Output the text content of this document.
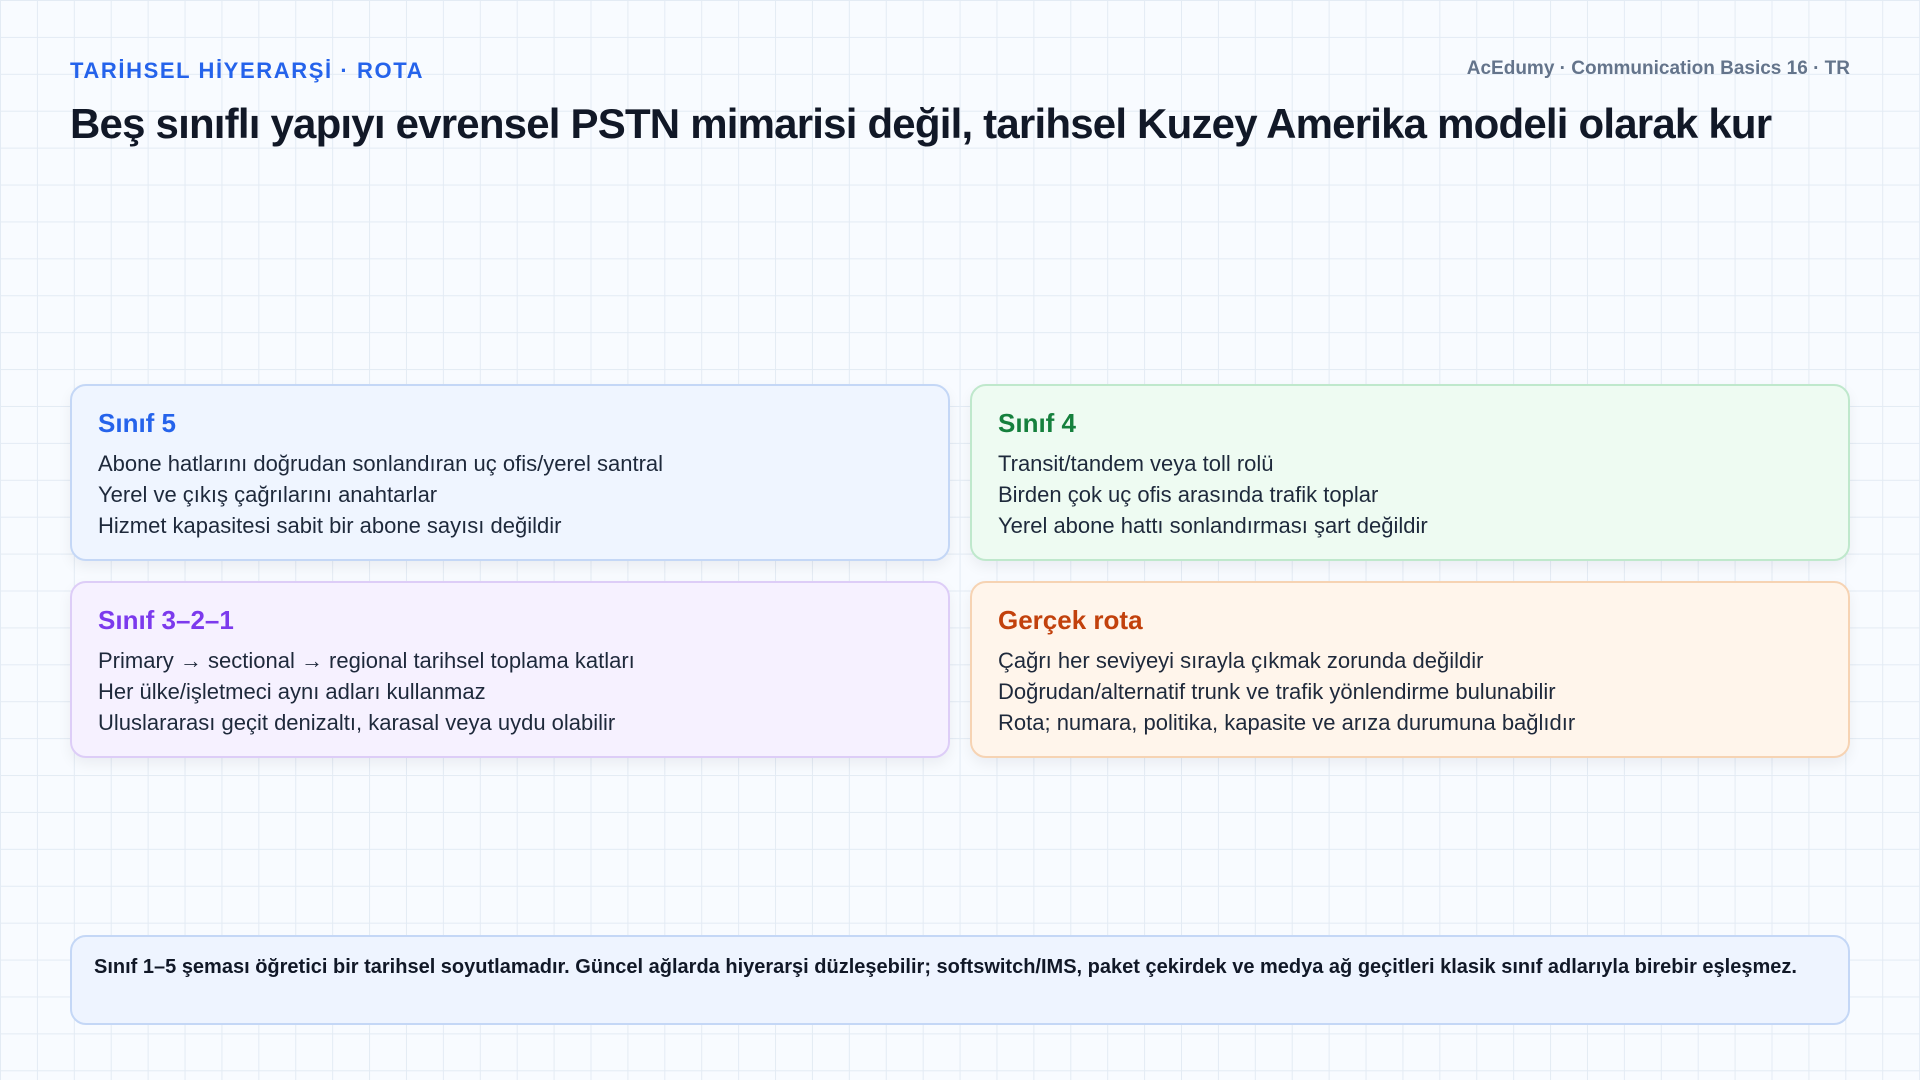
TARİHSEL HİYERARŞİ · ROTA	AcEdumy · Communication Basics 16 · TR
Beş sınıflı yapıyı evrensel PSTN mimarisi değil, tarihsel Kuzey Amerika modeli olarak kur
Sınıf 5
Abone hatlarını doğrudan sonlandıran uç ofis/yerel santral
Yerel ve çıkış çağrılarını anahtarlar
Hizmet kapasitesi sabit bir abone sayısı değildir
Sınıf 4
Transit/tandem veya toll rolü
Birden çok uç ofis arasında trafik toplar
Yerel abone hattı sonlandırması şart değildir
Sınıf 3–2–1
Primary → sectional → regional tarihsel toplama katları
Her ülke/işletmeci aynı adları kullanmaz
Uluslararası geçit denizaltı, karasal veya uydu olabilir
Gerçek rota
Çağrı her seviyeyi sırayla çıkmak zorunda değildir
Doğrudan/alternatif trunk ve trafik yönlendirme bulunabilir
Rota; numara, politika, kapasite ve arıza durumuna bağlıdır
Sınıf 1–5 şeması öğretici bir tarihsel soyutlamadır. Güncel ağlarda hiyerarşi düzleşebilir; softswitch/IMS, paket çekirdek ve medya ağ geçitleri klasik sınıf adlarıyla birebir eşleşmez.
